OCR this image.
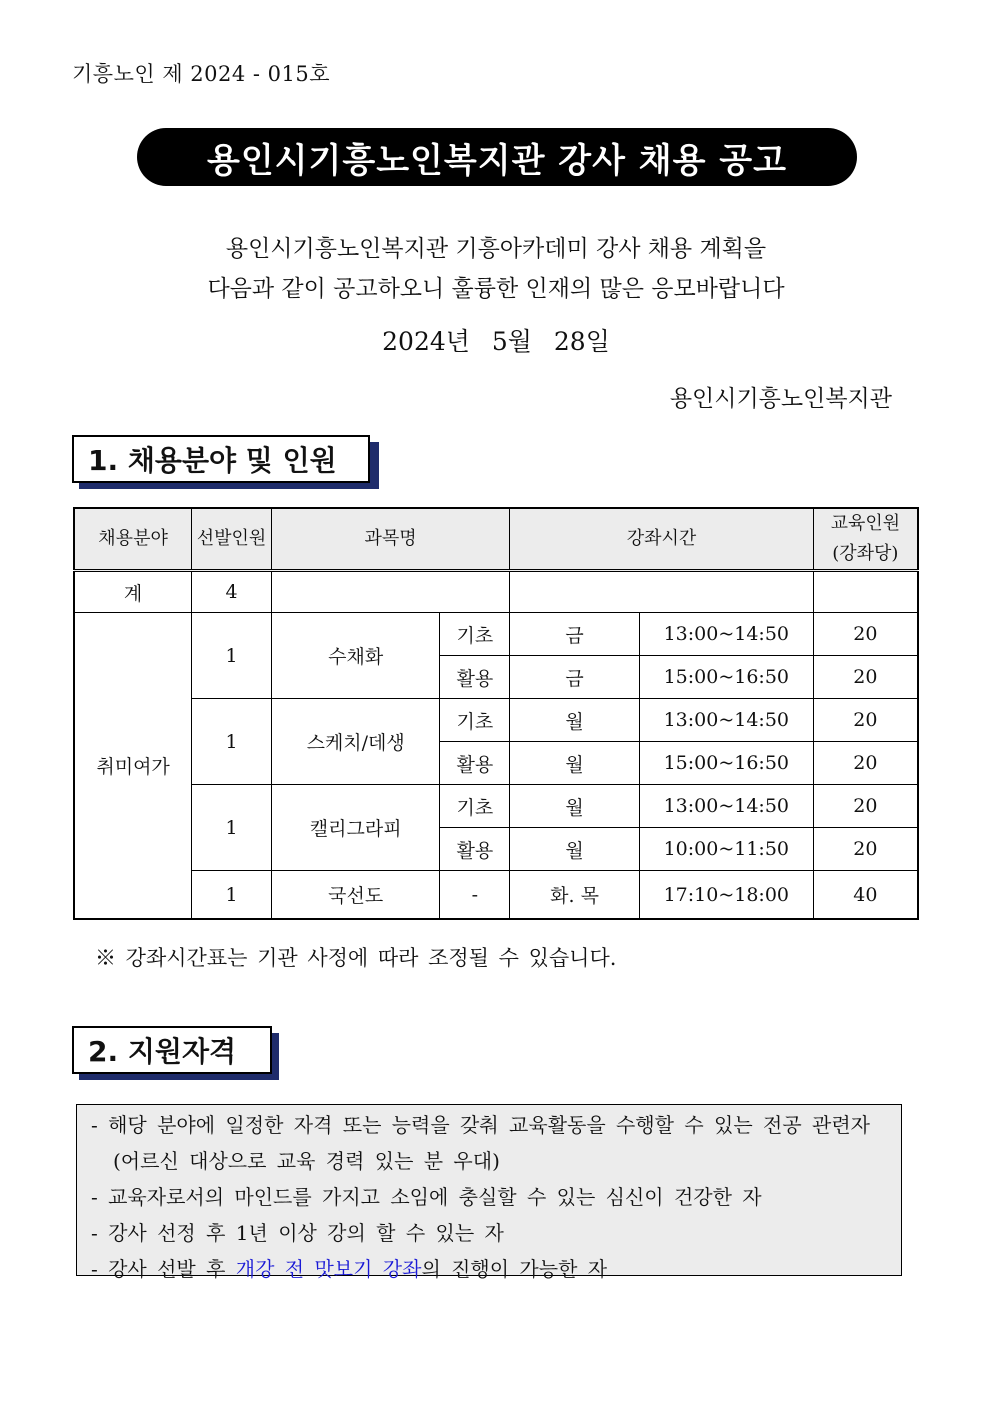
기흥노인 제 2024 - 015호
용인시기흥노인복지관 강사 채용 공고
용인시기흥노인복지관 기흥아카데미 강사 채용 계획을
다음과 같이 공고하오니 훌륭한 인재의 많은 응모바랍니다
2024년 5월 28일
용인시기흥노인복지관
1. 채용분야 및 인원
채용분야	선발인원	과목명		강좌시간		교육인원
(강좌당)

계	4					
취미여가	1	수채화	기초	금	13:00~14:50	20
			활용	금	15:00~16:50	20
	1	스케치/데생	기초	월	13:00~14:50	20
			활용	월	15:00~16:50	20
	1	캘리그라피	기초	월	13:00~14:50	20
			활용	월	10:00~11:50	20
	1	국선도	-	화. 목	17:10~18:00	40
※ 강좌시간표는 기관 사정에 따라 조정될 수 있습니다.
2. 지원자격
- 해당 분야에 일정한 자격 또는 능력을 갖춰 교육활동을 수행할 수 있는 전공 관련자
(어르신 대상으로 교육 경력 있는 분 우대)
- 교육자로서의 마인드를 가지고 소임에 충실할 수 있는 심신이 건강한 자
- 강사 선정 후 1년 이상 강의 할 수 있는 자
- 강사 선발 후 개강 전 맛보기 강좌의 진행이 가능한 자
